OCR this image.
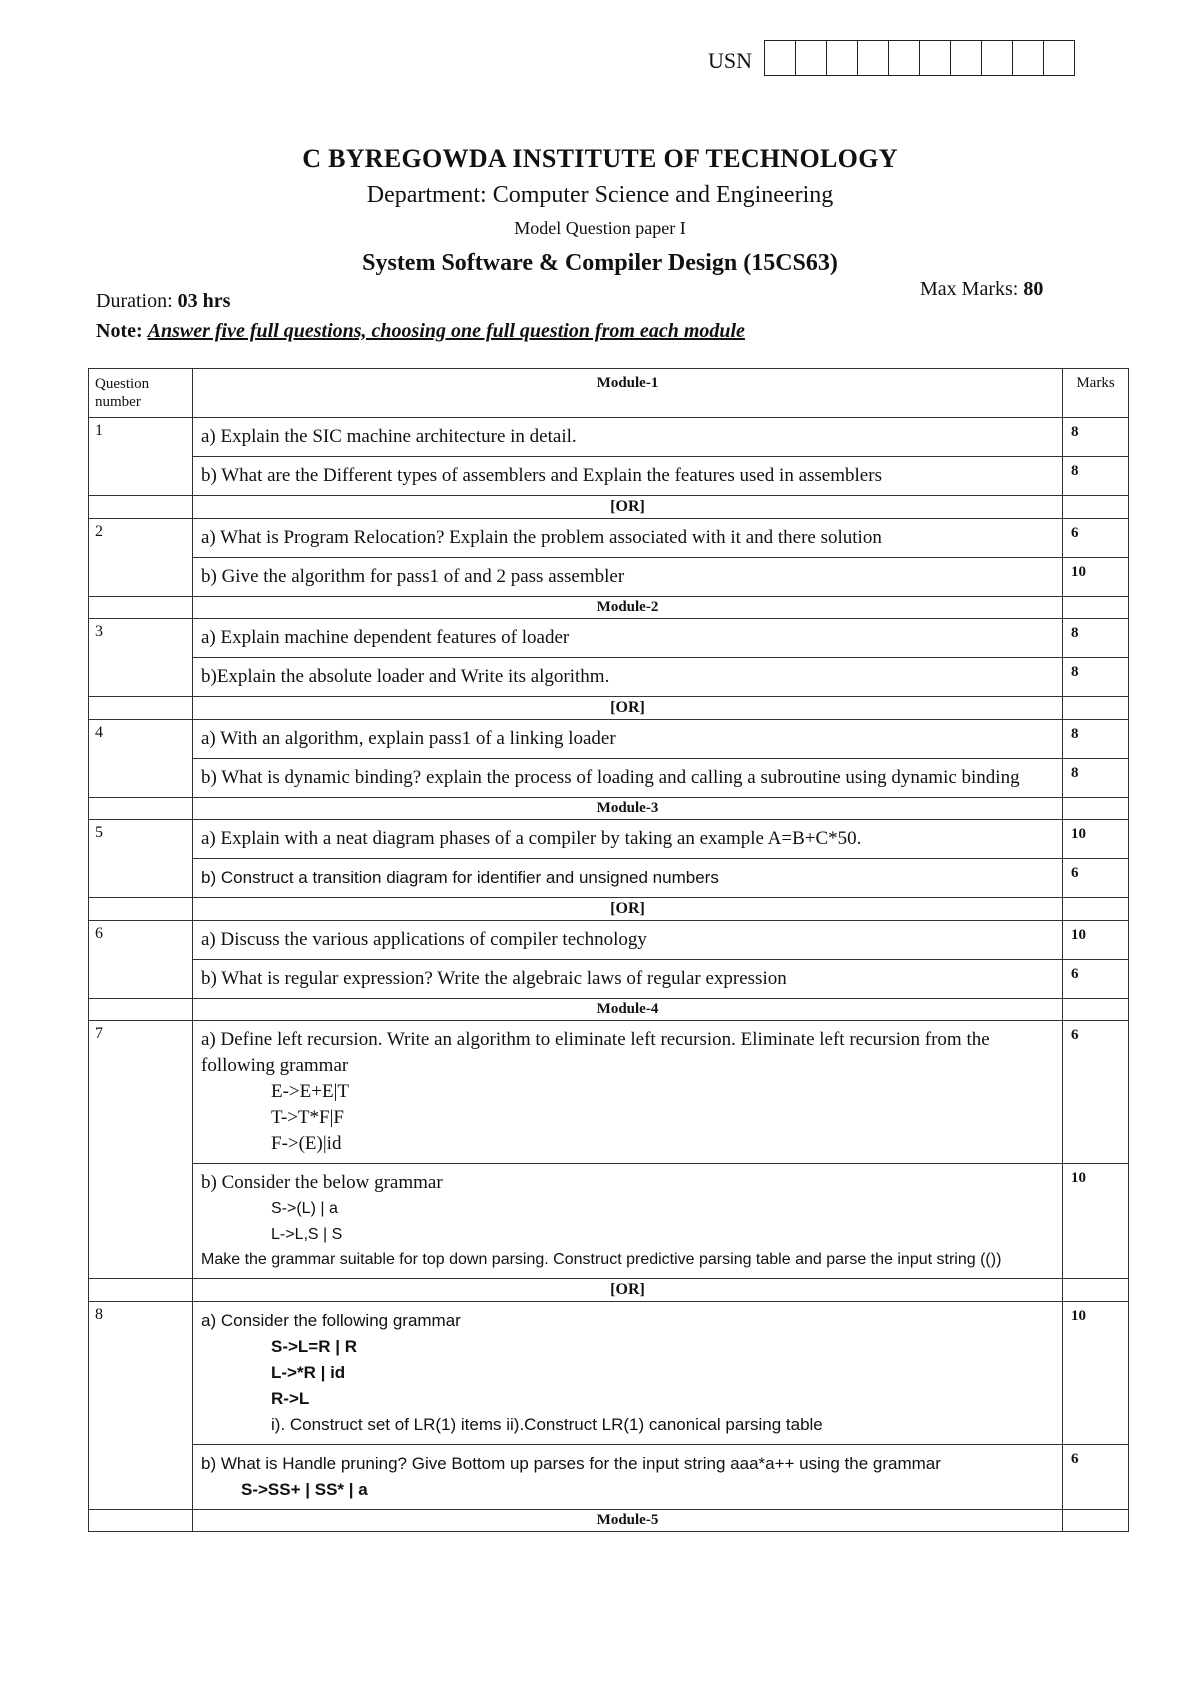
USN
C BYREGOWDA INSTITUTE OF TECHNOLOGY
Department: Computer Science and Engineering
Model Question paper I
System Software & Compiler Design (15CS63)
Duration: 03 hrs
Max Marks: 80
Note: Answer five full questions, choosing one full question from each module
Question number	Module-1	Marks
1	a) Explain the SIC machine architecture in detail.	8
	b) What are the Different types of assemblers and Explain the features used in assemblers	8
	[OR]	
2	a) What is Program Relocation? Explain the problem associated with it and there solution	6
	b) Give the algorithm for pass1 of and 2 pass assembler	10
	Module-2	
3	a) Explain machine dependent features of loader	8
	b)Explain the absolute loader and Write its algorithm.	8
	[OR]	
4	a) With an algorithm, explain pass1 of a linking loader	8
	b) What is dynamic binding? explain the process of loading and calling a subroutine using dynamic binding	8
	Module-3	
5	a) Explain with a neat diagram phases of a compiler by taking an example A=B+C*50.	10
	b) Construct a transition diagram for identifier and unsigned numbers	6
	[OR]	
6	a) Discuss the various applications of compiler technology	10
	b) What is regular expression? Write the algebraic laws of regular expression	6
	Module-4	
7	a) Define left recursion. Write an algorithm to eliminate left recursion. Eliminate left recursion from the following grammar
E->E+E|T
T->T*F|F
F->(E)|id	6
	b) Consider the below grammar
S->(L) | a
L->L,S | S
Make the grammar suitable for top down parsing. Construct predictive parsing table and parse the input string (())	10
	[OR]	
8	a) Consider the following grammar
S->L=R | R
L->*R | id
R->L
i). Construct set of LR(1) items ii).Construct LR(1) canonical parsing table	10
	b) What is Handle pruning? Give Bottom up parses for the input string aaa*a++ using the grammar
S->SS+ | SS* | a	6
	Module-5	
